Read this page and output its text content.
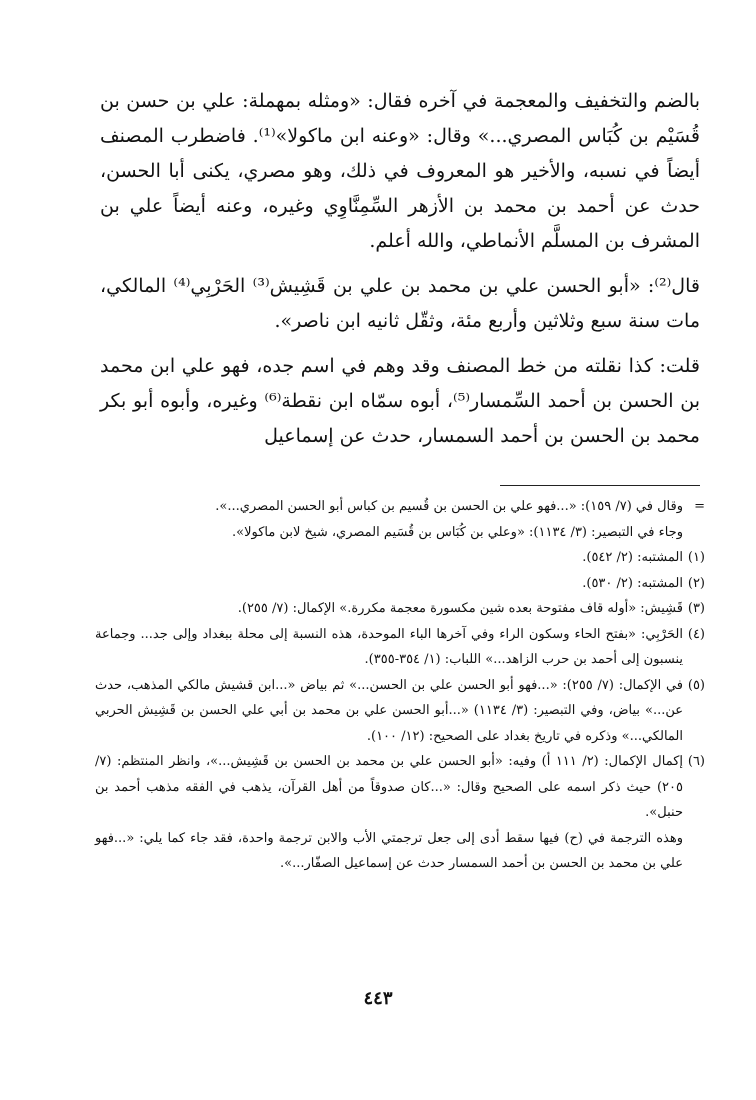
بالضم والتخفيف والمعجمة في آخره فقال: «ومثله بمهملة: علي بن حسن بن قُسَيْم بن كُبَاس المصري...» وقال: «وعنه ابن ماكولا»⁽¹⁾. فاضطرب المصنف أيضاً في نسبه، والأخير هو المعروف في ذلك، وهو مصري، يكنى أبا الحسن، حدث عن أحمد بن محمد بن الأزهر السِّمِنَّاوِي وغيره، وعنه أيضاً علي بن المشرف بن المسلَّم الأنماطي، والله أعلم.

قال⁽²⁾: «أبو الحسن علي بن محمد بن علي بن قَشِيش⁽³⁾ الحَرْبِي⁽⁴⁾ المالكي، مات سنة سبع وثلاثين وأربع مئة، وثقّل ثانيه ابن ناصر».

قلت: كذا نقلته من خط المصنف وقد وهم في اسم جده، فهو علي ابن محمد بن الحسن بن أحمد السِّمسار⁽⁵⁾، أبوه سمّاه ابن نقطة⁽⁶⁾ وغيره، وأبوه أبو بكر محمد بن الحسن بن أحمد السمسار، حدث عن إسماعيل

=
وقال في (٧/ ١٥٩): «...فهو علي بن الحسن بن قُسيم بن كباس أبو الحسن المصري...».
وجاء في التبصير: (٣/ ١١٣٤): «وعلي بن كُبَاس بن قُسَيم المصري، شيخ لابن ماكولا».
(١)
المشتبه: (٢/ ٥٤٢).
(٢)
المشتبه: (٢/ ٥٣٠).
(٣)
قَشِيش: «أوله قاف مفتوحة بعده شين مكسورة معجمة مكررة.» الإكمال: (٧/ ٢٥٥).
(٤)
الحَرْبِي: «بفتح الحاء وسكون الراء وفي آخرها الباء الموحدة، هذه النسبة إلى محلة ببغداد وإلى جد... وجماعة ينسبون إلى أحمد بن حرب الزاهد...» اللباب: (١/ ٣٥٤-٣٥٥).
(٥)
في الإكمال: (٧/ ٢٥٥): «...فهو أبو الحسن علي بن الحسن...» ثم بياض «...ابن قشيش مالكي المذهب، حدث عن...» بياض، وفي التبصير: (٣/ ١١٣٤) «...أبو الحسن علي بن محمد بن أبي علي الحسن بن قَشِيش الحربي المالكي...» وذكره في تاريخ بغداد على الصحيح: (١٢/ ١٠٠).
(٦)
إكمال الإكمال: (٢/ ١١١ أ) وفيه: «أبو الحسن علي بن محمد بن الحسن بن قَشِيش...»، وانظر المنتظم: (٧/ ٢٠٥) حيث ذكر اسمه على الصحيح وقال: «...كان صدوقاً من أهل القرآن، يذهب في الفقه مذهب أحمد بن حنبل».
وهذه الترجمة في (ح) فيها سقط أدى إلى جعل ترجمتي الأب والابن ترجمة واحدة، فقد جاء كما يلي: «...فهو علي بن محمد بن الحسن بن أحمد السمسار حدث عن إسماعيل الصفّار...».
٤٤٣
